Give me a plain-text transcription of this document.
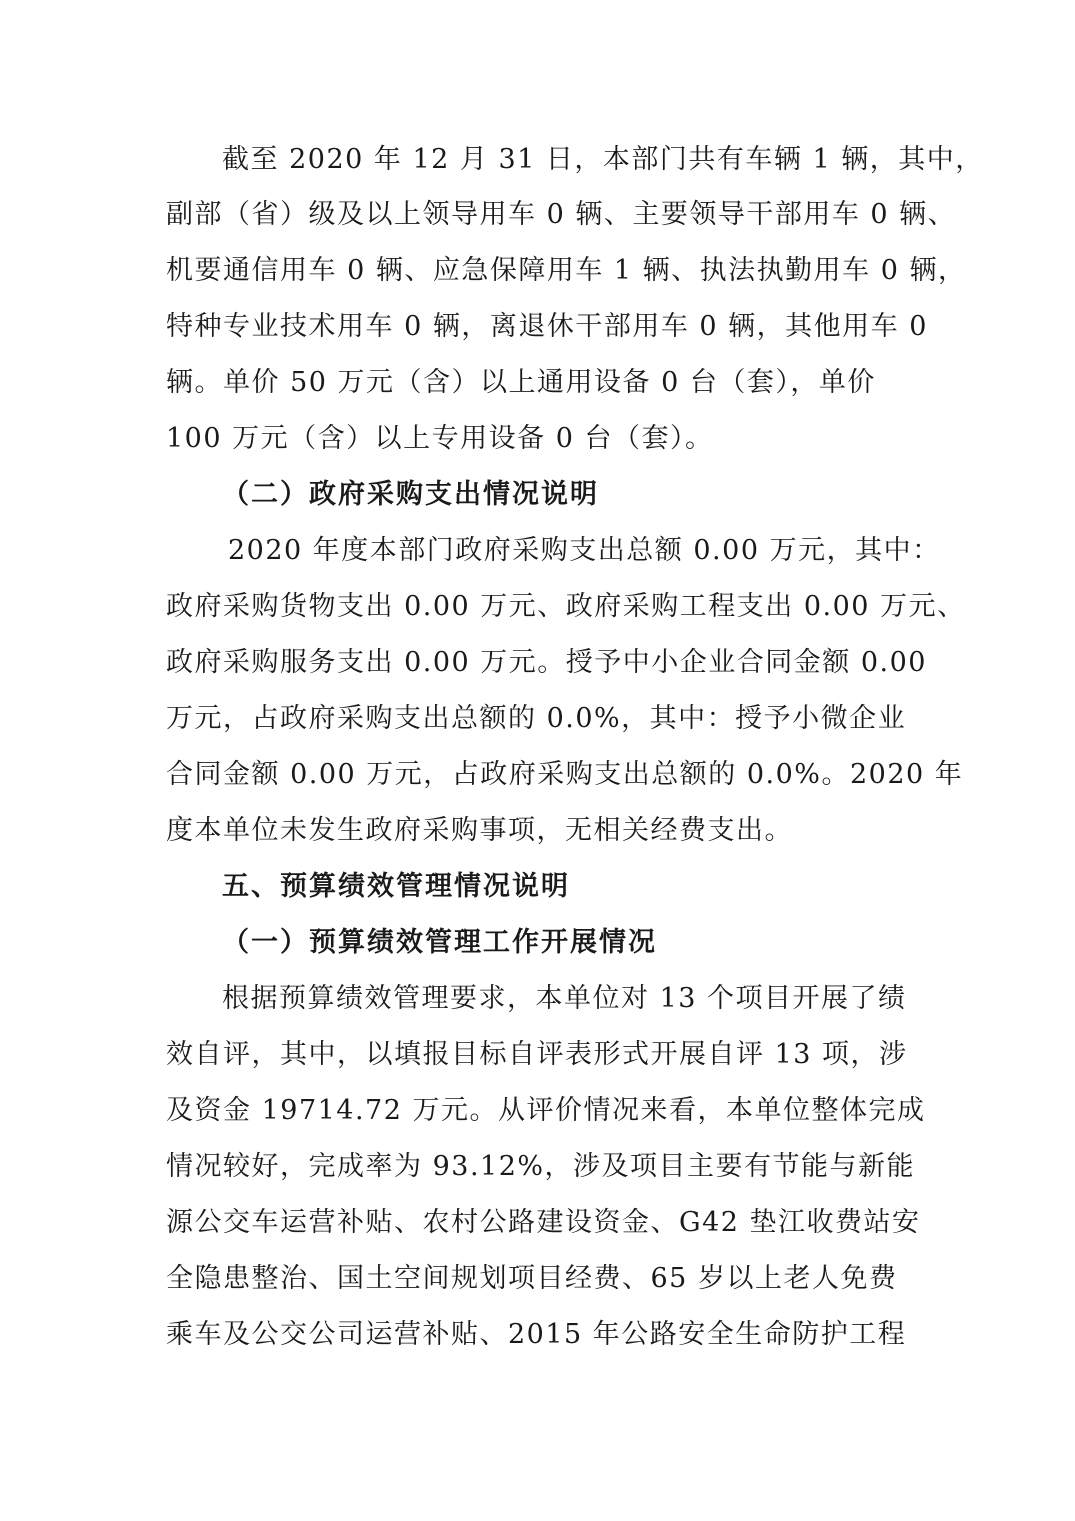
截至 2020 年 12 月 31 日，本部门共有车辆 1 辆，其中，
副部（省）级及以上领导用车 0 辆、主要领导干部用车 0 辆、
机要通信用车 0 辆、应急保障用车 1 辆、执法执勤用车 0 辆，
特种专业技术用车 0 辆，离退休干部用车 0 辆，其他用车 0
辆。单价 50 万元（含）以上通用设备 0 台（套），单价
100 万元（含）以上专用设备 0 台（套）。
（二）政府采购支出情况说明
2020 年度本部门政府采购支出总额 0.00 万元，其中：
政府采购货物支出 0.00 万元、政府采购工程支出 0.00 万元、
政府采购服务支出 0.00 万元。授予中小企业合同金额 0.00
万元，占政府采购支出总额的 0.0%，其中：授予小微企业
合同金额 0.00 万元，占政府采购支出总额的 0.0%。2020 年
度本单位未发生政府采购事项，无相关经费支出。
五、预算绩效管理情况说明
（一）预算绩效管理工作开展情况
根据预算绩效管理要求，本单位对 13 个项目开展了绩
效自评，其中，以填报目标自评表形式开展自评 13 项，涉
及资金 19714.72 万元。从评价情况来看，本单位整体完成
情况较好，完成率为 93.12%，涉及项目主要有节能与新能
源公交车运营补贴、农村公路建设资金、G42 垫江收费站安
全隐患整治、国土空间规划项目经费、65 岁以上老人免费
乘车及公交公司运营补贴、2015 年公路安全生命防护工程
